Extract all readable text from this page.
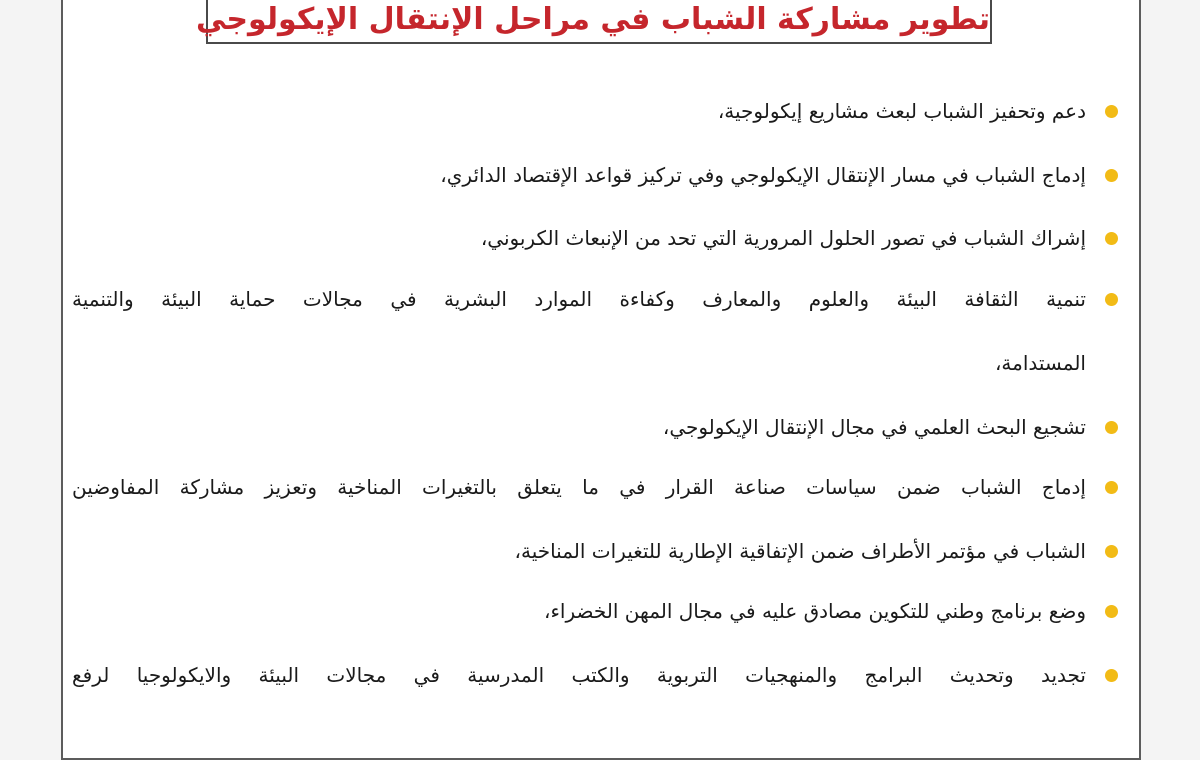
تطوير مشاركة الشباب في مراحل الإنتقال الإيكولوجي
دعم وتحفيز الشباب لبعث مشاريع إيكولوجية،
إدماج الشباب في مسار الإنتقال الإيكولوجي وفي تركيز قواعد الإقتصاد الدائري،
إشراك الشباب في تصور الحلول المرورية التي تحد من الإنبعاث الكربوني،
تنمية الثقافة البيئة والعلوم والمعارف وكفاءة الموارد البشرية في مجالات حماية البيئة والتنمية
المستدامة،
تشجيع البحث العلمي في مجال الإنتقال الإيكولوجي،
إدماج الشباب ضمن سياسات صناعة القرار في ما يتعلق بالتغيرات المناخية وتعزيز مشاركة المفاوضين
الشباب في مؤتمر الأطراف ضمن الإتفاقية الإطارية للتغيرات المناخية،
وضع برنامج وطني للتكوين مصادق عليه في مجال المهن الخضراء،
تجديد وتحديث البرامج والمنهجيات التربوية والكتب المدرسية في مجالات البيئة والايكولوجيا لرفع
